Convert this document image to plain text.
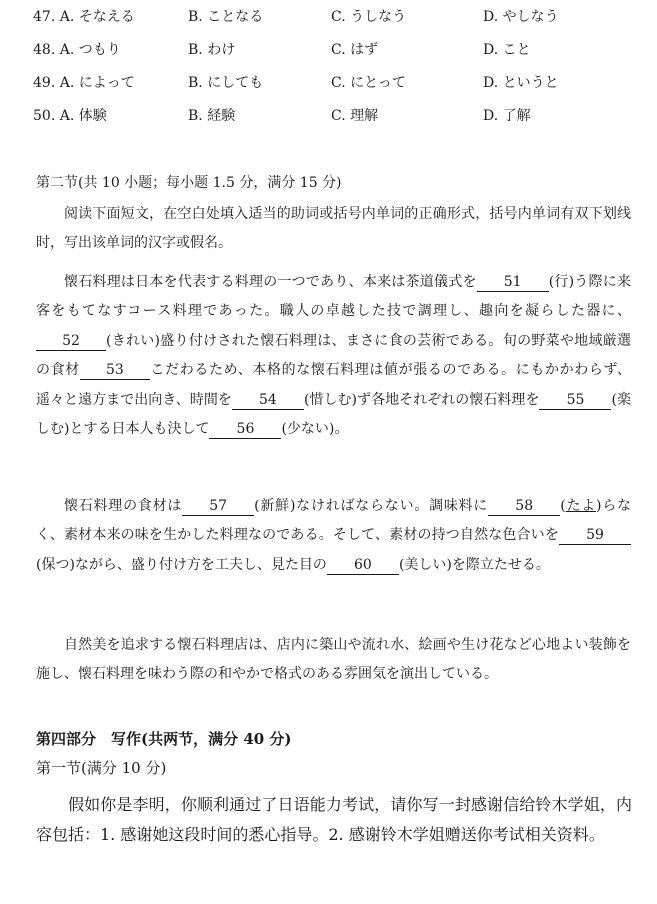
47. A. そなえる	B. ことなる	C. うしなう	D. やしなう
48. A. つもり	B. わけ	C. はず	D. こと
49. A. によって	B. にしても	C. にとって	D. というと
50. A. 体験	B. 経験	C. 理解	D. 了解
第二节(共 10 小题；每小题 1.5 分，满分 15 分)
阅读下面短文，在空白处填入适当的助词或括号内单词的正确形式，括号内单词有双下划线时，写出该单词的汉字或假名。
懐石料理は日本を代表する料理の一つであり、本来は茶道儀式を 51 (行)う際に来客をもてなすコース料理であった。職人の卓越した技で調理し、趣向を凝らした器に、52 (きれい)盛り付けされた懐石料理は、まさに食の芸術である。旬の野菜や地域厳選の食材 53 こだわるため、本格的な懐石料理は値が張るのである。にもかかわらず、遥々と遠方まで出向き、時間を 54 (惜しむ)ず各地それぞれの懐石料理を 55 (楽しむ)とする日本人も決して 56 (少ない)。
懐石料理の食材は 57 (新鮮)なければならない。調味料に 58 (たよ)らなく、素材本来の味を生かした料理なのである。そして、素材の持つ自然な色合いを 59(保つ)ながら、盛り付け方を工夫し、見た目の 60 (美しい)を際立たせる。
自然美を追求する懐石料理店は、店内に築山や流れ水、絵画や生け花など心地よい装飾を施し、懐石料理を味わう際の和やかで格式のある雰囲気を演出している。
第四部分　写作(共两节，满分 40 分)
第一节(满分 10 分)
假如你是李明，你顺利通过了日语能力考试，请你写一封感谢信给铃木学姐，内容包括：1. 感谢她这段时间的悉心指导。2. 感谢铃木学姐赠送你考试相关资料。
